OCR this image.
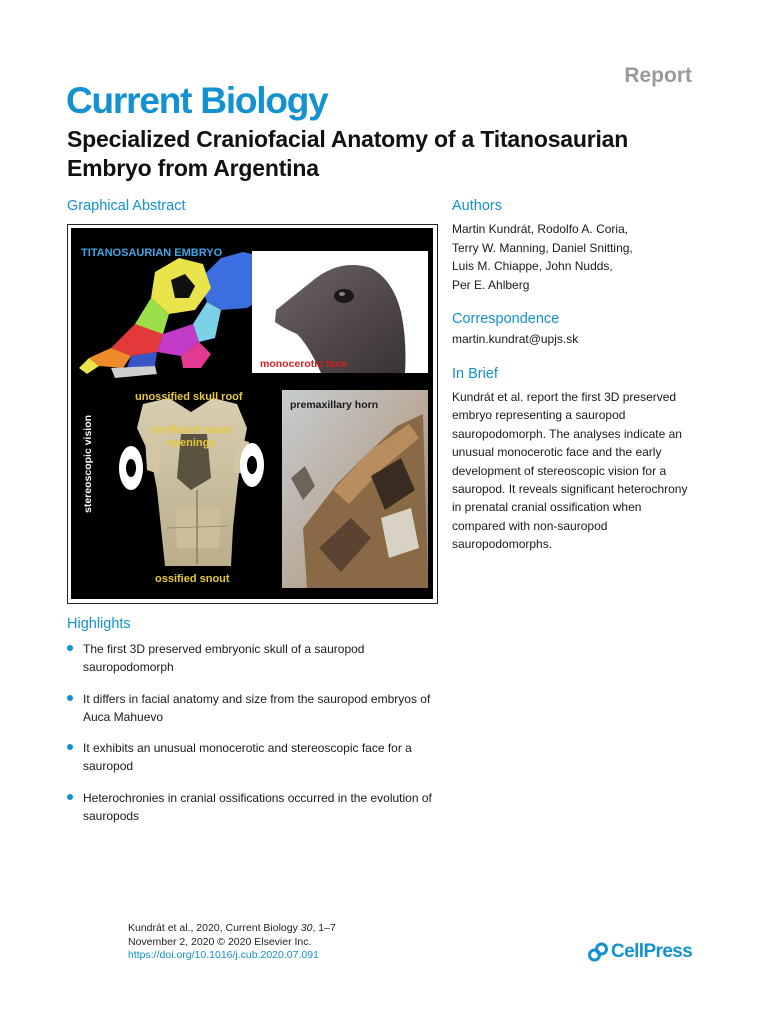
Report
Current Biology
Specialized Craniofacial Anatomy of a Titanosaurian Embryo from Argentina
Graphical Abstract
TITANOSAURIAN EMBRYO
monocerotic face
unossified skull roof
premaxillary horn
confluent nasal openings
ossified snout
stereoscopic vision
Authors
Martin Kundrát, Rodolfo A. Coria,
Terry W. Manning, Daniel Snitting,
Luis M. Chiappe, John Nudds,
Per E. Ahlberg
Correspondence
martin.kundrat@upjs.sk
In Brief

Kundrát et al. report the first 3D preserved embryo representing a sauropod sauropodomorph. The analyses indicate an unusual monocerotic face and the early development of stereoscopic vision for a sauropod. It reveals significant heterochrony in prenatal cranial ossification when compared with non-sauropod sauropodomorphs.

Highlights
The first 3D preserved embryonic skull of a sauropod sauropodomorph
It differs in facial anatomy and size from the sauropod embryos of Auca Mahuevo
It exhibits an unusual monocerotic and stereoscopic face for a sauropod
Heterochronies in cranial ossifications occurred in the evolution of sauropods
Kundrát et al., 2020, Current Biology 30, 1–7
November 2, 2020 © 2020 Elsevier Inc.
https://doi.org/10.1016/j.cub.2020.07.091	CellPress
